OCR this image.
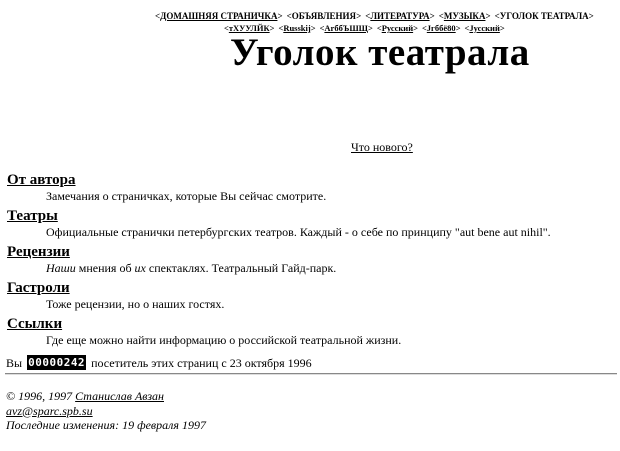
<ДОМАШНЯЯ СТРАНИЧКА> <ОБЪЯВЛЕНИЯ> <ЛИТЕРАТУРА> <МУЗЫКА> <УГОЛОК ТЕАТРАЛА>
<тХУУЛЙК> <Russkij> <ArббЪШЩ> <Русский> <Jгббё80> <Jусский>
Уголок театрала
Что нового?
От автора
Замечания о страничках, которые Вы сейчас смотрите.
Театры
Официальные странички петербургских театров. Каждый - о себе по принципу "aut bene aut nihil".
Рецензии
Наши мнения об их спектаклях. Театральный Гайд-парк.
Гастроли
Тоже рецензии, но о наших гостях.
Ссылки
Где еще можно найти информацию о российской театральной жизни.
Вы 00000242 посетитель этих страниц с 23 октября 1996
© 1996, 1997 Станислав Авзан
avz@sparc.spb.su
Последние изменения: 19 февраля 1997
